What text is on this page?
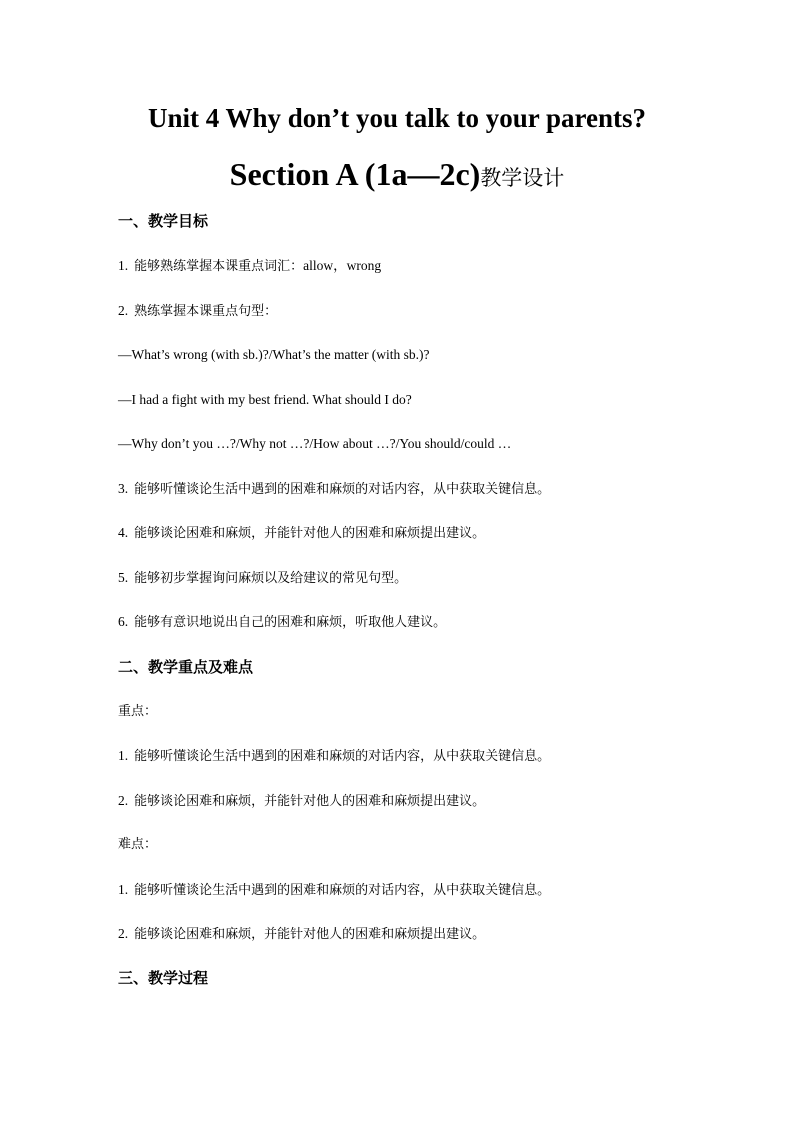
Unit 4 Why don’t you talk to your parents?
Section A (1a—2c)教学设计
一、教学目标
1. 能够熟练掌握本课重点词汇：allow，wrong
2. 熟练掌握本课重点句型：
—What’s wrong (with sb.)?/What’s the matter (with sb.)?
—I had a fight with my best friend. What should I do?
—Why don’t you …?/Why not …?/How about …?/You should/could …
3. 能够听懂谈论生活中遇到的困难和麻烦的对话内容，从中获取关键信息。
4. 能够谈论困难和麻烦，并能针对他人的困难和麻烦提出建议。
5. 能够初步掌握询问麻烦以及给建议的常见句型。
6. 能够有意识地说出自己的困难和麻烦，听取他人建议。
二、教学重点及难点
重点：
1. 能够听懂谈论生活中遇到的困难和麻烦的对话内容，从中获取关键信息。
2. 能够谈论困难和麻烦，并能针对他人的困难和麻烦提出建议。
难点：
1. 能够听懂谈论生活中遇到的困难和麻烦的对话内容，从中获取关键信息。
2. 能够谈论困难和麻烦，并能针对他人的困难和麻烦提出建议。
三、教学过程
